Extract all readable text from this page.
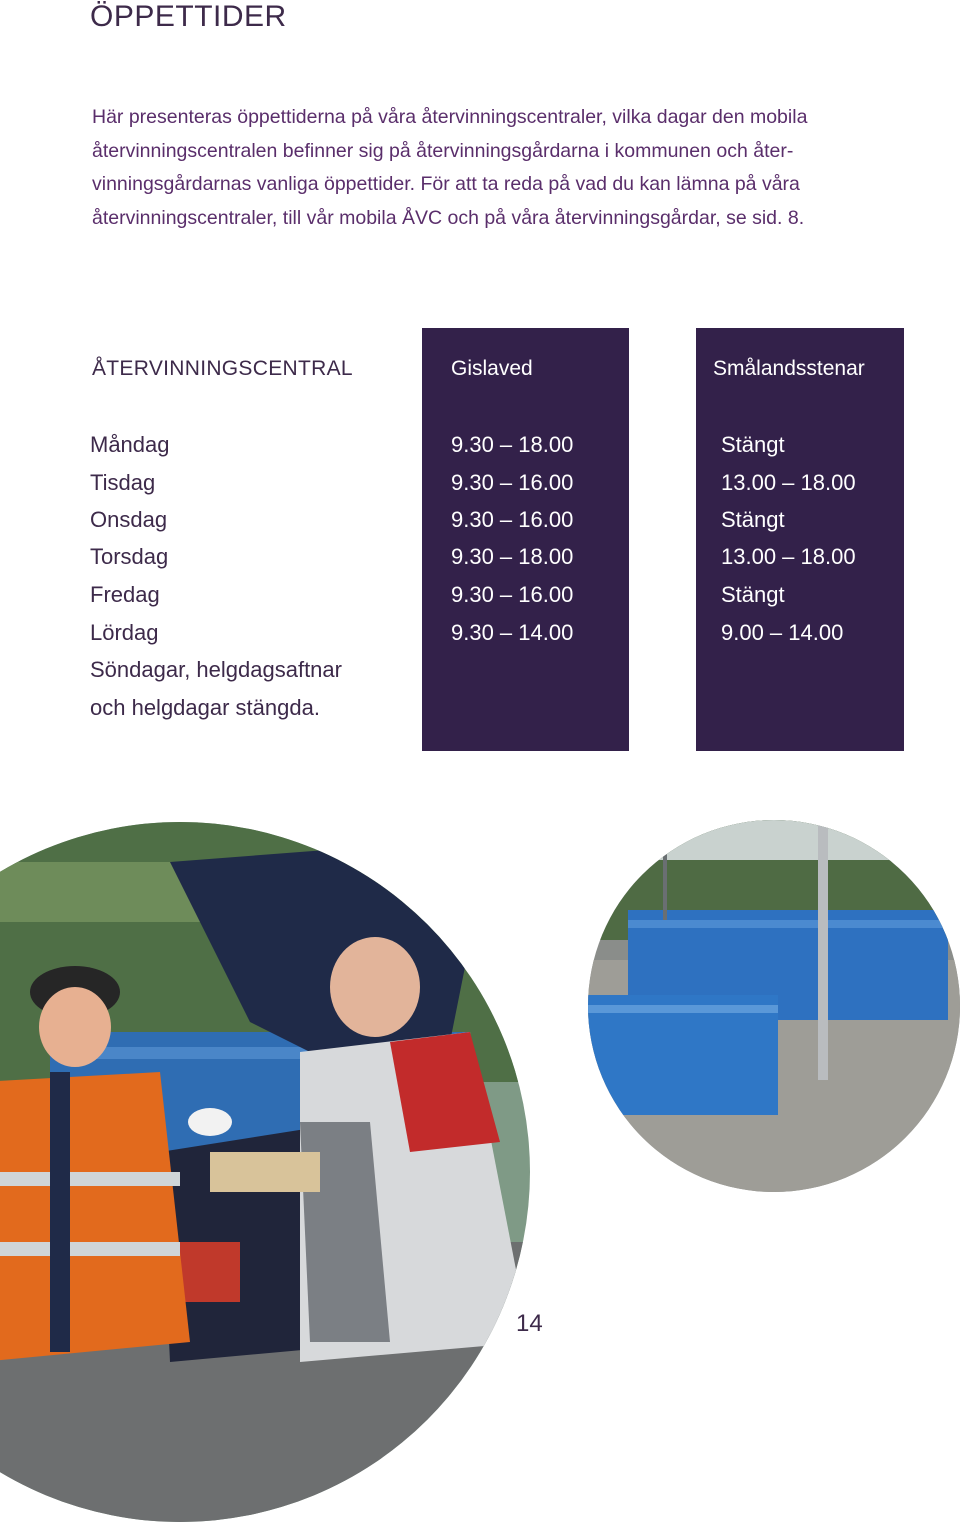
ÖPPETTIDER
Här presenteras öppettiderna på våra återvinningscentraler, vilka dagar den mobila
återvinningscentralen befinner sig på återvinningsgårdarna i kommunen och åter-
vinningsgårdarnas vanliga öppettider. För att ta reda på vad du kan lämna på våra
återvinningscentraler, till vår mobila ÅVC och på våra återvinningsgårdar, se sid. 8.
ÅTERVINNINGSCENTRAL	Gislaved	Smålandsstenar
Måndag	9.30 – 18.00	Stängt
Tisdag	9.30 – 16.00	13.00 – 18.00
Onsdag	9.30 – 16.00	Stängt
Torsdag	9.30 – 18.00	13.00 – 18.00
Fredag	9.30 – 16.00	Stängt
Lördag	9.30 – 14.00	9.00 – 14.00
Söndagar, helgdagsaftnar
och helgdagar stängda.
14
